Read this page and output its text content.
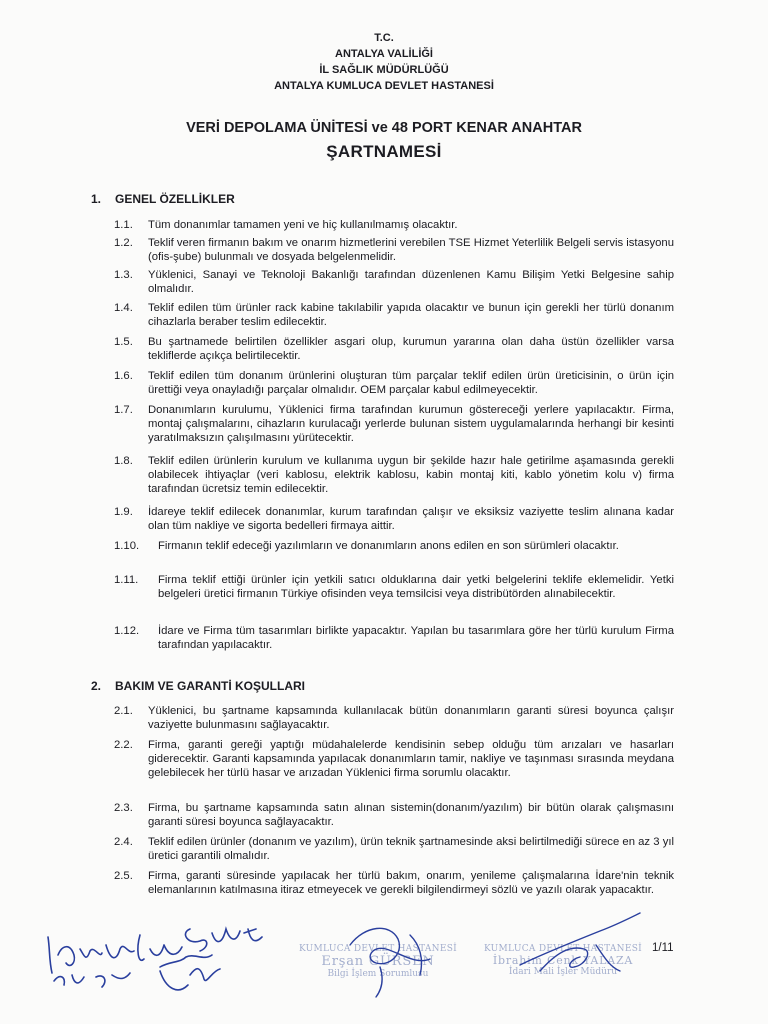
T.C.
ANTALYA VALİLİĞİ
İL SAĞLIK MÜDÜRLÜĞÜ
ANTALYA KUMLUCA DEVLET HASTANESİ
VERİ DEPOLAMA ÜNİTESİ ve 48 PORT KENAR ANAHTAR
ŞARTNAMESİ
1. GENEL ÖZELLİKLER
1.1.	Tüm donanımlar tamamen yeni ve hiç kullanılmamış olacaktır.
1.2.	Teklif veren firmanın bakım ve onarım hizmetlerini verebilen TSE Hizmet Yeterlilik Belgeli servis istasyonu (ofis-şube) bulunmalı ve dosyada belgelenmelidir.
1.3.	Yüklenici, Sanayi ve Teknoloji Bakanlığı tarafından düzenlenen Kamu Bilişim Yetki Belgesine sahip olmalıdır.
1.4.	Teklif edilen tüm ürünler rack kabine takılabilir yapıda olacaktır ve bunun için gerekli her türlü donanım cihazlarla beraber teslim edilecektir.
1.5.	Bu şartnamede belirtilen özellikler asgari olup, kurumun yararına olan daha üstün özellikler varsa tekliflerde açıkça belirtilecektir.
1.6.	Teklif edilen tüm donanım ürünlerini oluşturan tüm parçalar teklif edilen ürün üreticisinin, o ürün için ürettiği veya onayladığı parçalar olmalıdır. OEM parçalar kabul edilmeyecektir.
1.7.	Donanımların kurulumu, Yüklenici firma tarafından kurumun göstereceği yerlere yapılacaktır. Firma, montaj çalışmalarını, cihazların kurulacağı yerlerde bulunan sistem uygulamalarında herhangi bir kesinti yaratılmaksızın çalışılmasını yürütecektir.
1.8.	Teklif edilen ürünlerin kurulum ve kullanıma uygun bir şekilde hazır hale getirilme aşamasında gerekli olabilecek ihtiyaçlar (veri kablosu, elektrik kablosu, kabin montaj kiti, kablo yönetim kolu v) firma tarafından ücretsiz temin edilecektir.
1.9.	İdareye teklif edilecek donanımlar, kurum tarafından çalışır ve eksiksiz vaziyette teslim alınana kadar olan tüm nakliye ve sigorta bedelleri firmaya aittir.
1.10.	Firmanın teklif edeceği yazılımların ve donanımların anons edilen en son sürümleri olacaktır.
1.11.	Firma teklif ettiği ürünler için yetkili satıcı olduklarına dair yetki belgelerini teklife eklemelidir. Yetki belgeleri üretici firmanın Türkiye ofisinden veya temsilcisi veya distribütörden alınabilecektir.
1.12.	İdare ve Firma tüm tasarımları birlikte yapacaktır. Yapılan bu tasarımlara göre her türlü kurulum Firma tarafından yapılacaktır.
2. BAKIM VE GARANTİ KOŞULLARI
2.1.	Yüklenici, bu şartname kapsamında kullanılacak bütün donanımların garanti süresi boyunca çalışır vaziyette bulunmasını sağlayacaktır.
2.2.	Firma, garanti gereği yaptığı müdahalelerde kendisinin sebep olduğu tüm arızaları ve hasarları giderecektir. Garanti kapsamında yapılacak donanımların tamir, nakliye ve taşınması sırasında meydana gelebilecek her türlü hasar ve arızadan Yüklenici firma sorumlu olacaktır.
2.3.	Firma, bu şartname kapsamında satın alınan sistemin(donanım/yazılım) bir bütün olarak çalışmasını garanti süresi boyunca sağlayacaktır.
2.4.	Teklif edilen ürünler (donanım ve yazılım), ürün teknik şartnamesinde aksi belirtilmediği sürece en az 3 yıl üretici garantili olmalıdır.
2.5.	Firma, garanti süresinde yapılacak her türlü bakım, onarım, yenileme çalışmalarına İdare'nin teknik elemanlarının katılmasına itiraz etmeyecek ve gerekli bilgilendirmeyi sözlü ve yazılı olarak yapacaktır.
KUMLUCA DEVLET HASTANESİ
Erşan GÜRSEN
Bilgi İşlem Sorumlusu
KUMLUCA DEVLET HASTANESİ
İbrahim Cenk YALAZA
İdari Mali İşler Müdürü
1/11
